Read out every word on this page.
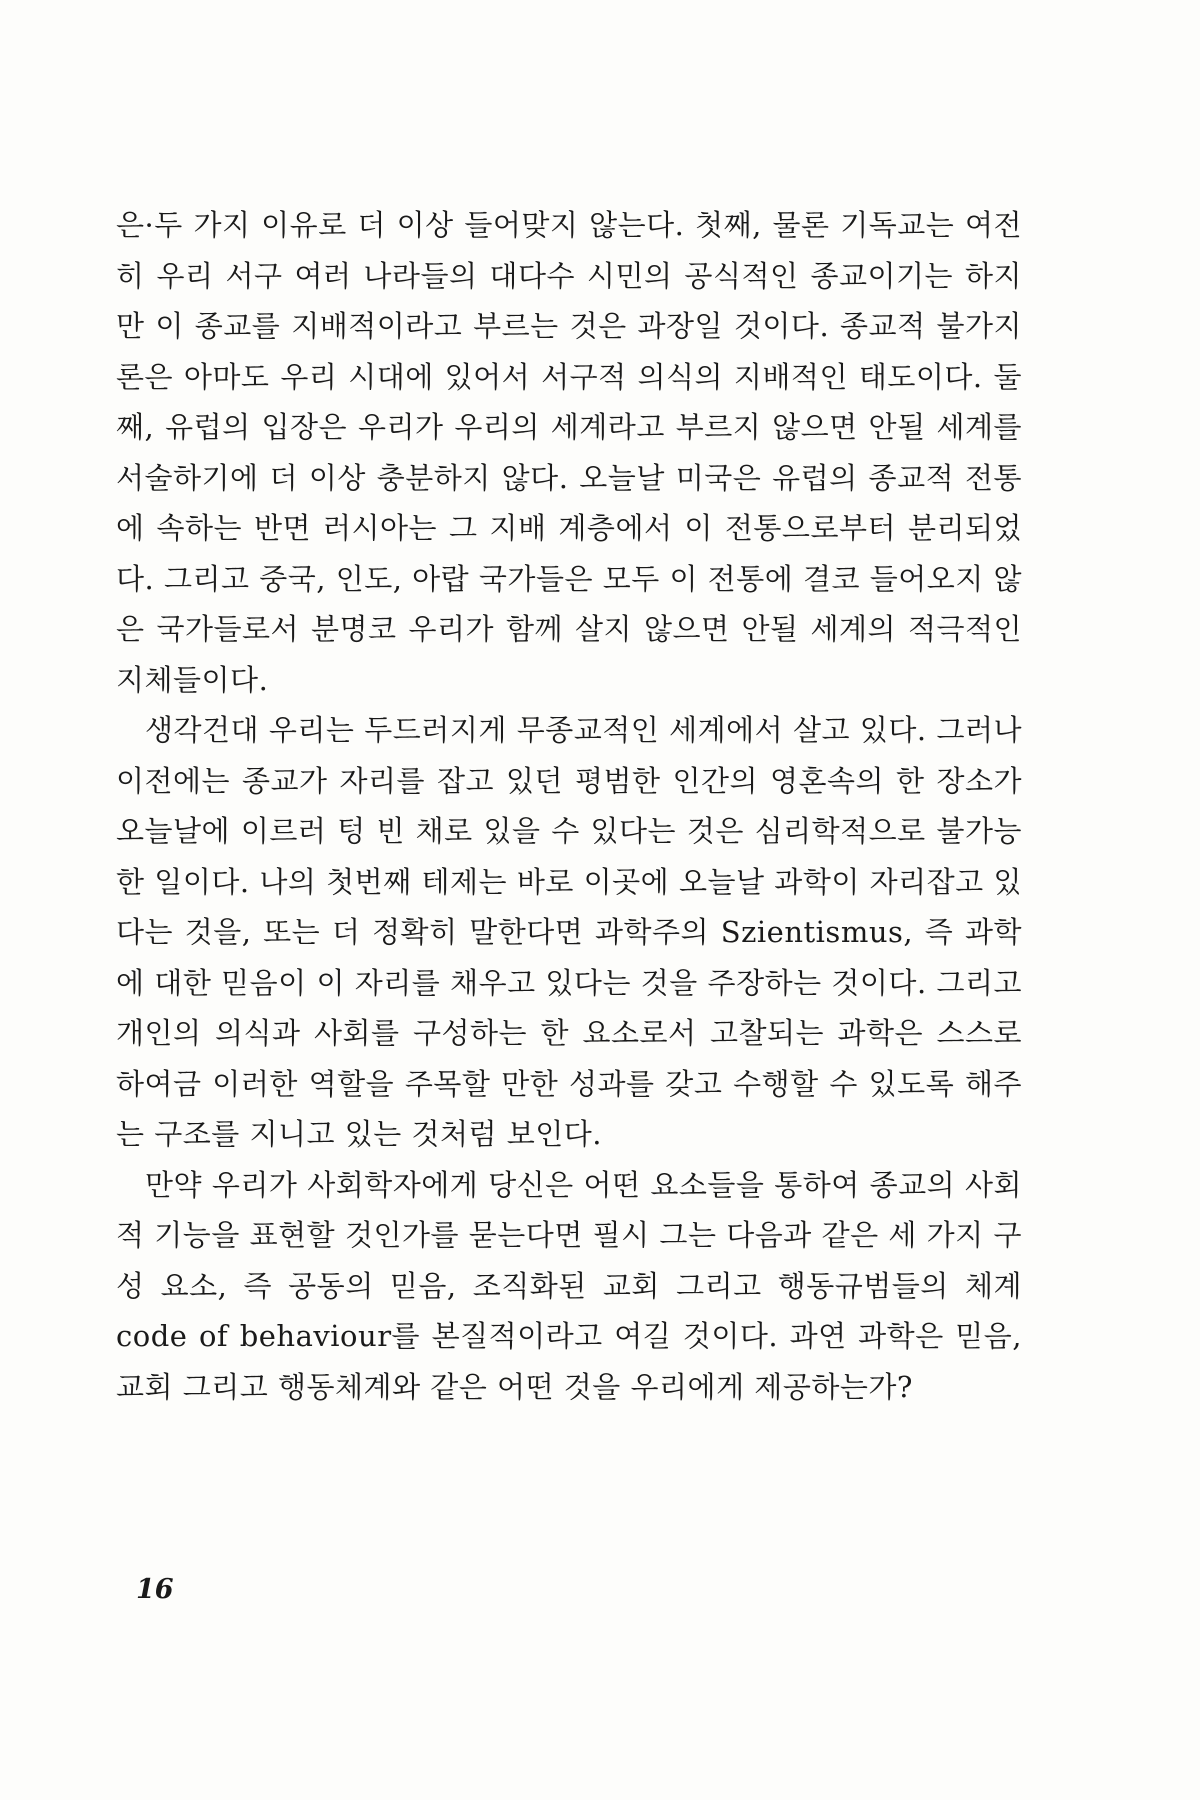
은·두 가지 이유로 더 이상 들어맞지 않는다. 첫째, 물론 기독교는 여전히 우리 서구 여러 나라들의 대다수 시민의 공식적인 종교이기는 하지만 이 종교를 지배적이라고 부르는 것은 과장일 것이다. 종교적 불가지론은 아마도 우리 시대에 있어서 서구적 의식의 지배적인 태도이다. 둘째, 유럽의 입장은 우리가 우리의 세계라고 부르지 않으면 안될 세계를 서술하기에 더 이상 충분하지 않다. 오늘날 미국은 유럽의 종교적 전통에 속하는 반면 러시아는 그 지배 계층에서 이 전통으로부터 분리되었다. 그리고 중국, 인도, 아랍 국가들은 모두 이 전통에 결코 들어오지 않은 국가들로서 분명코 우리가 함께 살지 않으면 안될 세계의 적극적인 지체들이다.

생각건대 우리는 두드러지게 무종교적인 세계에서 살고 있다. 그러나 이전에는 종교가 자리를 잡고 있던 평범한 인간의 영혼속의 한 장소가 오늘날에 이르러 텅 빈 채로 있을 수 있다는 것은 심리학적으로 불가능한 일이다. 나의 첫번째 테제는 바로 이곳에 오늘날 과학이 자리잡고 있다는 것을, 또는 더 정확히 말한다면 과학주의 Szientismus, 즉 과학에 대한 믿음이 이 자리를 채우고 있다는 것을 주장하는 것이다. 그리고 개인의 의식과 사회를 구성하는 한 요소로서 고찰되는 과학은 스스로 하여금 이러한 역할을 주목할 만한 성과를 갖고 수행할 수 있도록 해주는 구조를 지니고 있는 것처럼 보인다.

만약 우리가 사회학자에게 당신은 어떤 요소들을 통하여 종교의 사회적 기능을 표현할 것인가를 묻는다면 필시 그는 다음과 같은 세 가지 구성 요소, 즉 공동의 믿음, 조직화된 교회 그리고 행동규범들의 체계 code of behaviour를 본질적이라고 여길 것이다. 과연 과학은 믿음, 교회 그리고 행동체계와 같은 어떤 것을 우리에게 제공하는가?

16
